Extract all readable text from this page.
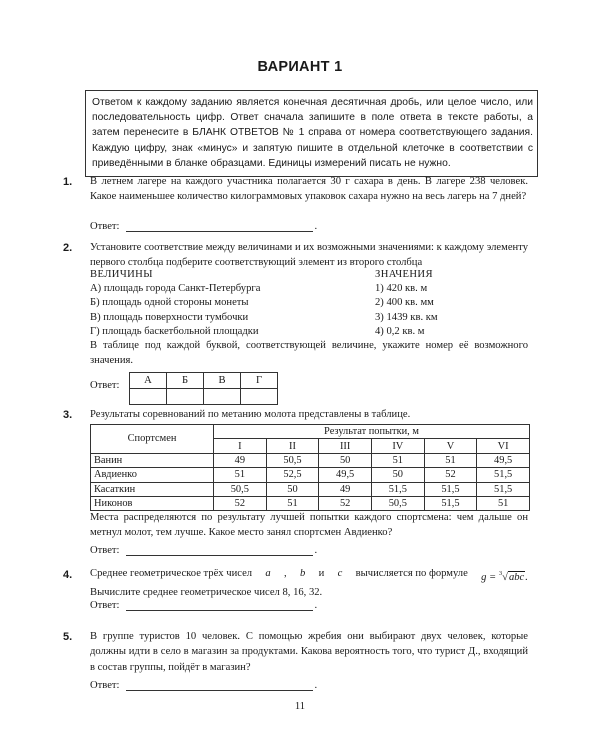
ВАРИАНТ 1
Ответом к каждому заданию является конечная десятичная дробь, или целое число, или последовательность цифр. Ответ сначала запишите в поле ответа в тексте работы, а затем перенесите в БЛАНК ОТВЕТОВ № 1 справа от номера соответствующего задания. Каждую цифру, знак «минус» и запятую пишите в отдельной клеточке в соответствии с приведёнными в бланке образцами. Единицы измерений писать не нужно.
1. В летнем лагере на каждого участника полагается 30 г сахара в день. В лагере 238 человек. Какое наименьшее количество килограммовых упаковок сахара нужно на весь лагерь на 7 дней?
Ответ:	.
2. Установите соответствие между величинами и их возможными значениями: к каждому элементу первого столбца подберите соответствующий элемент из второго столбца
ВЕЛИЧИНЫ	ЗНАЧЕНИЯ
А) площадь города Санкт-Петербурга	1) 420 кв. м
Б) площадь одной стороны монеты	2) 400 кв. мм
В) площадь поверхности тумбочки	3) 1439 кв. км
Г) площадь баскетбольной площадки	4) 0,2 кв. м
В таблице под каждой буквой, соответствующей величине, укажите номер её возможного значения.
Ответ: А	Б	В	Г

3. Результаты соревнований по метанию молота представлены в таблице.
Спортсмен	Результат попытки, м					
	I	II	III	IV	V	VI
Ванин	49	50,5	50	51	51	49,5
Авдиенко	51	52,5	49,5	50	52	51,5
Касаткин	50,5	50	49	51,5	51,5	51,5
Никонов	52	51	52	50,5	51,5	51
Места распределяются по результату лучшей попытки каждого спортсмена: чем дальше он метнул молот, тем лучше. Какое место занял спортсмен Авдиенко?
Ответ:	.
4. Среднее геометрическое трёх чисел a , b и c вычисляется по формуле g = $^3$√abc.
Вычислите среднее геометрическое чисел 8, 16, 32.
Ответ:	.
5. В группе туристов 10 человек. С помощью жребия они выбирают двух человек, которые должны идти в село в магазин за продуктами. Какова вероятность того, что турист Д., входящий в состав группы, пойдёт в магазин?
Ответ:	.
11
